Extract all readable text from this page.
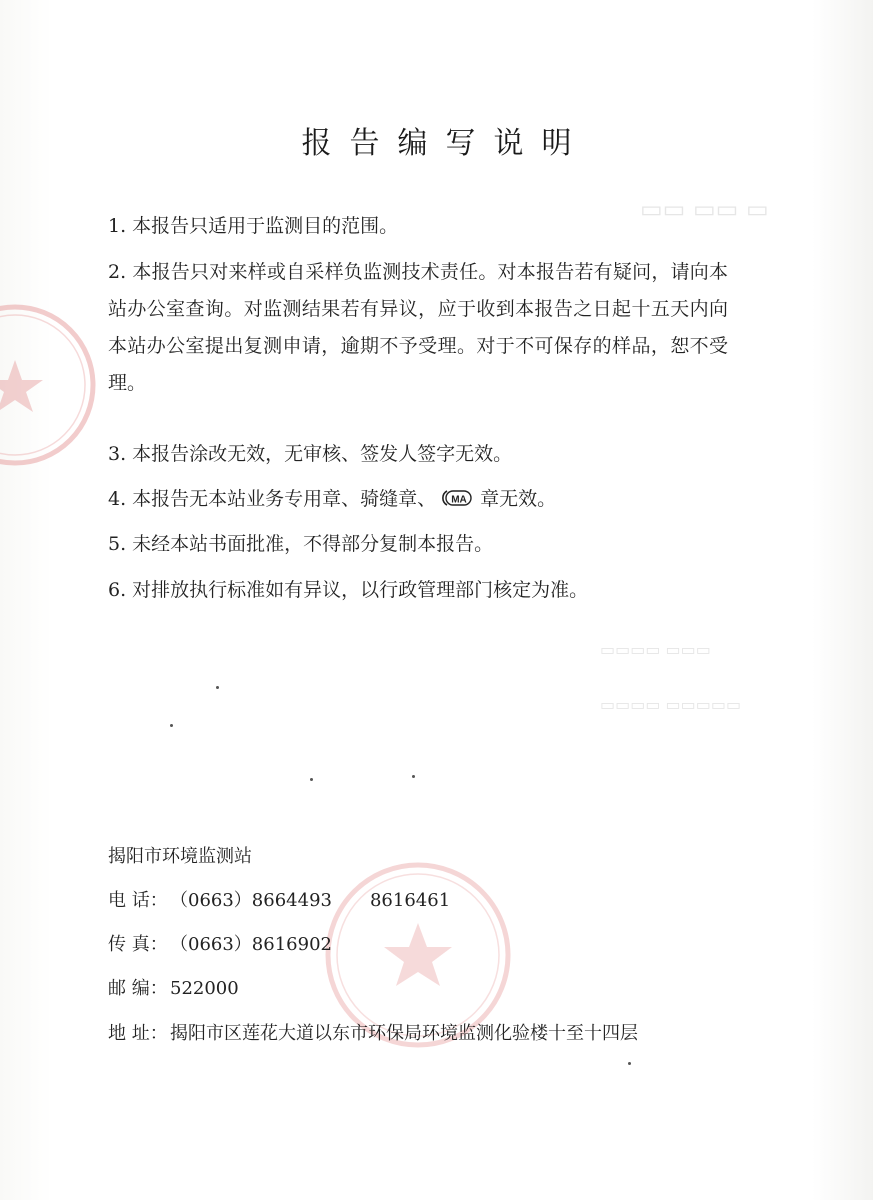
▭▭▭▭ ▭▭▭
▭▭▭▭ ▭▭▭▭▭
▭▭ ▭▭ ▭
报告编写说明
1. 本报告只适用于监测目的范围。
2. 本报告只对来样或自采样负监测技术责任。对本报告若有疑问，请向本站办公室查询。对监测结果若有异议，应于收到本报告之日起十五天内向本站办公室提出复测申请，逾期不予受理。对于不可保存的样品，恕不受理。
3. 本报告涂改无效，无审核、签发人签字无效。
4. 本报告无本站业务专用章、骑缝章、 MA 章无效。
5. 未经本站书面批准，不得部分复制本报告。
6. 对排放执行标准如有异议，以行政管理部门核定为准。
揭阳市环境监测站
电 话： （0663）8664493 8616461
传 真： （0663）8616902
邮 编： 522000
地 址： 揭阳市区莲花大道以东市环保局环境监测化验楼十至十四层
